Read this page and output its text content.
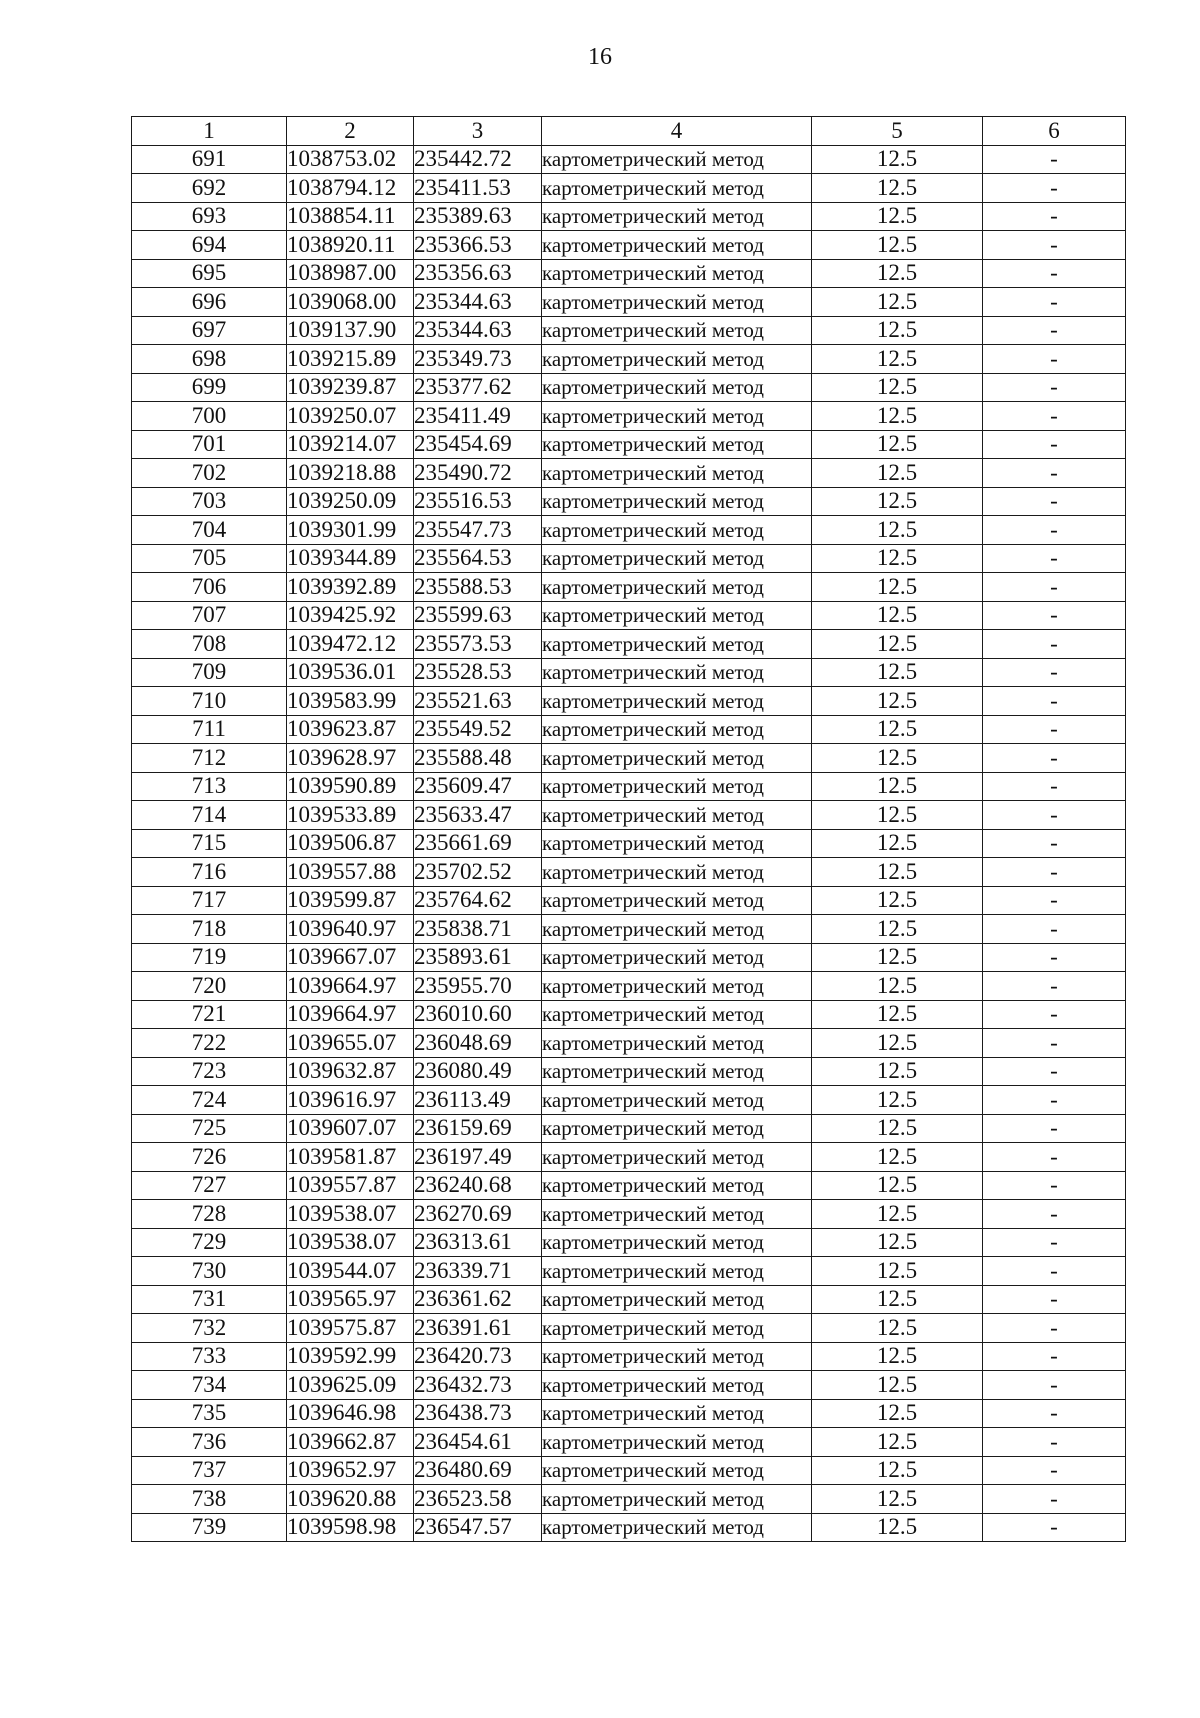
16
1	2	3	4	5	6
691	1038753.02	235442.72	картометрический метод	12.5	-
692	1038794.12	235411.53	картометрический метод	12.5	-
693	1038854.11	235389.63	картометрический метод	12.5	-
694	1038920.11	235366.53	картометрический метод	12.5	-
695	1038987.00	235356.63	картометрический метод	12.5	-
696	1039068.00	235344.63	картометрический метод	12.5	-
697	1039137.90	235344.63	картометрический метод	12.5	-
698	1039215.89	235349.73	картометрический метод	12.5	-
699	1039239.87	235377.62	картометрический метод	12.5	-
700	1039250.07	235411.49	картометрический метод	12.5	-
701	1039214.07	235454.69	картометрический метод	12.5	-
702	1039218.88	235490.72	картометрический метод	12.5	-
703	1039250.09	235516.53	картометрический метод	12.5	-
704	1039301.99	235547.73	картометрический метод	12.5	-
705	1039344.89	235564.53	картометрический метод	12.5	-
706	1039392.89	235588.53	картометрический метод	12.5	-
707	1039425.92	235599.63	картометрический метод	12.5	-
708	1039472.12	235573.53	картометрический метод	12.5	-
709	1039536.01	235528.53	картометрический метод	12.5	-
710	1039583.99	235521.63	картометрический метод	12.5	-
711	1039623.87	235549.52	картометрический метод	12.5	-
712	1039628.97	235588.48	картометрический метод	12.5	-
713	1039590.89	235609.47	картометрический метод	12.5	-
714	1039533.89	235633.47	картометрический метод	12.5	-
715	1039506.87	235661.69	картометрический метод	12.5	-
716	1039557.88	235702.52	картометрический метод	12.5	-
717	1039599.87	235764.62	картометрический метод	12.5	-
718	1039640.97	235838.71	картометрический метод	12.5	-
719	1039667.07	235893.61	картометрический метод	12.5	-
720	1039664.97	235955.70	картометрический метод	12.5	-
721	1039664.97	236010.60	картометрический метод	12.5	-
722	1039655.07	236048.69	картометрический метод	12.5	-
723	1039632.87	236080.49	картометрический метод	12.5	-
724	1039616.97	236113.49	картометрический метод	12.5	-
725	1039607.07	236159.69	картометрический метод	12.5	-
726	1039581.87	236197.49	картометрический метод	12.5	-
727	1039557.87	236240.68	картометрический метод	12.5	-
728	1039538.07	236270.69	картометрический метод	12.5	-
729	1039538.07	236313.61	картометрический метод	12.5	-
730	1039544.07	236339.71	картометрический метод	12.5	-
731	1039565.97	236361.62	картометрический метод	12.5	-
732	1039575.87	236391.61	картометрический метод	12.5	-
733	1039592.99	236420.73	картометрический метод	12.5	-
734	1039625.09	236432.73	картометрический метод	12.5	-
735	1039646.98	236438.73	картометрический метод	12.5	-
736	1039662.87	236454.61	картометрический метод	12.5	-
737	1039652.97	236480.69	картометрический метод	12.5	-
738	1039620.88	236523.58	картометрический метод	12.5	-
739	1039598.98	236547.57	картометрический метод	12.5	-
